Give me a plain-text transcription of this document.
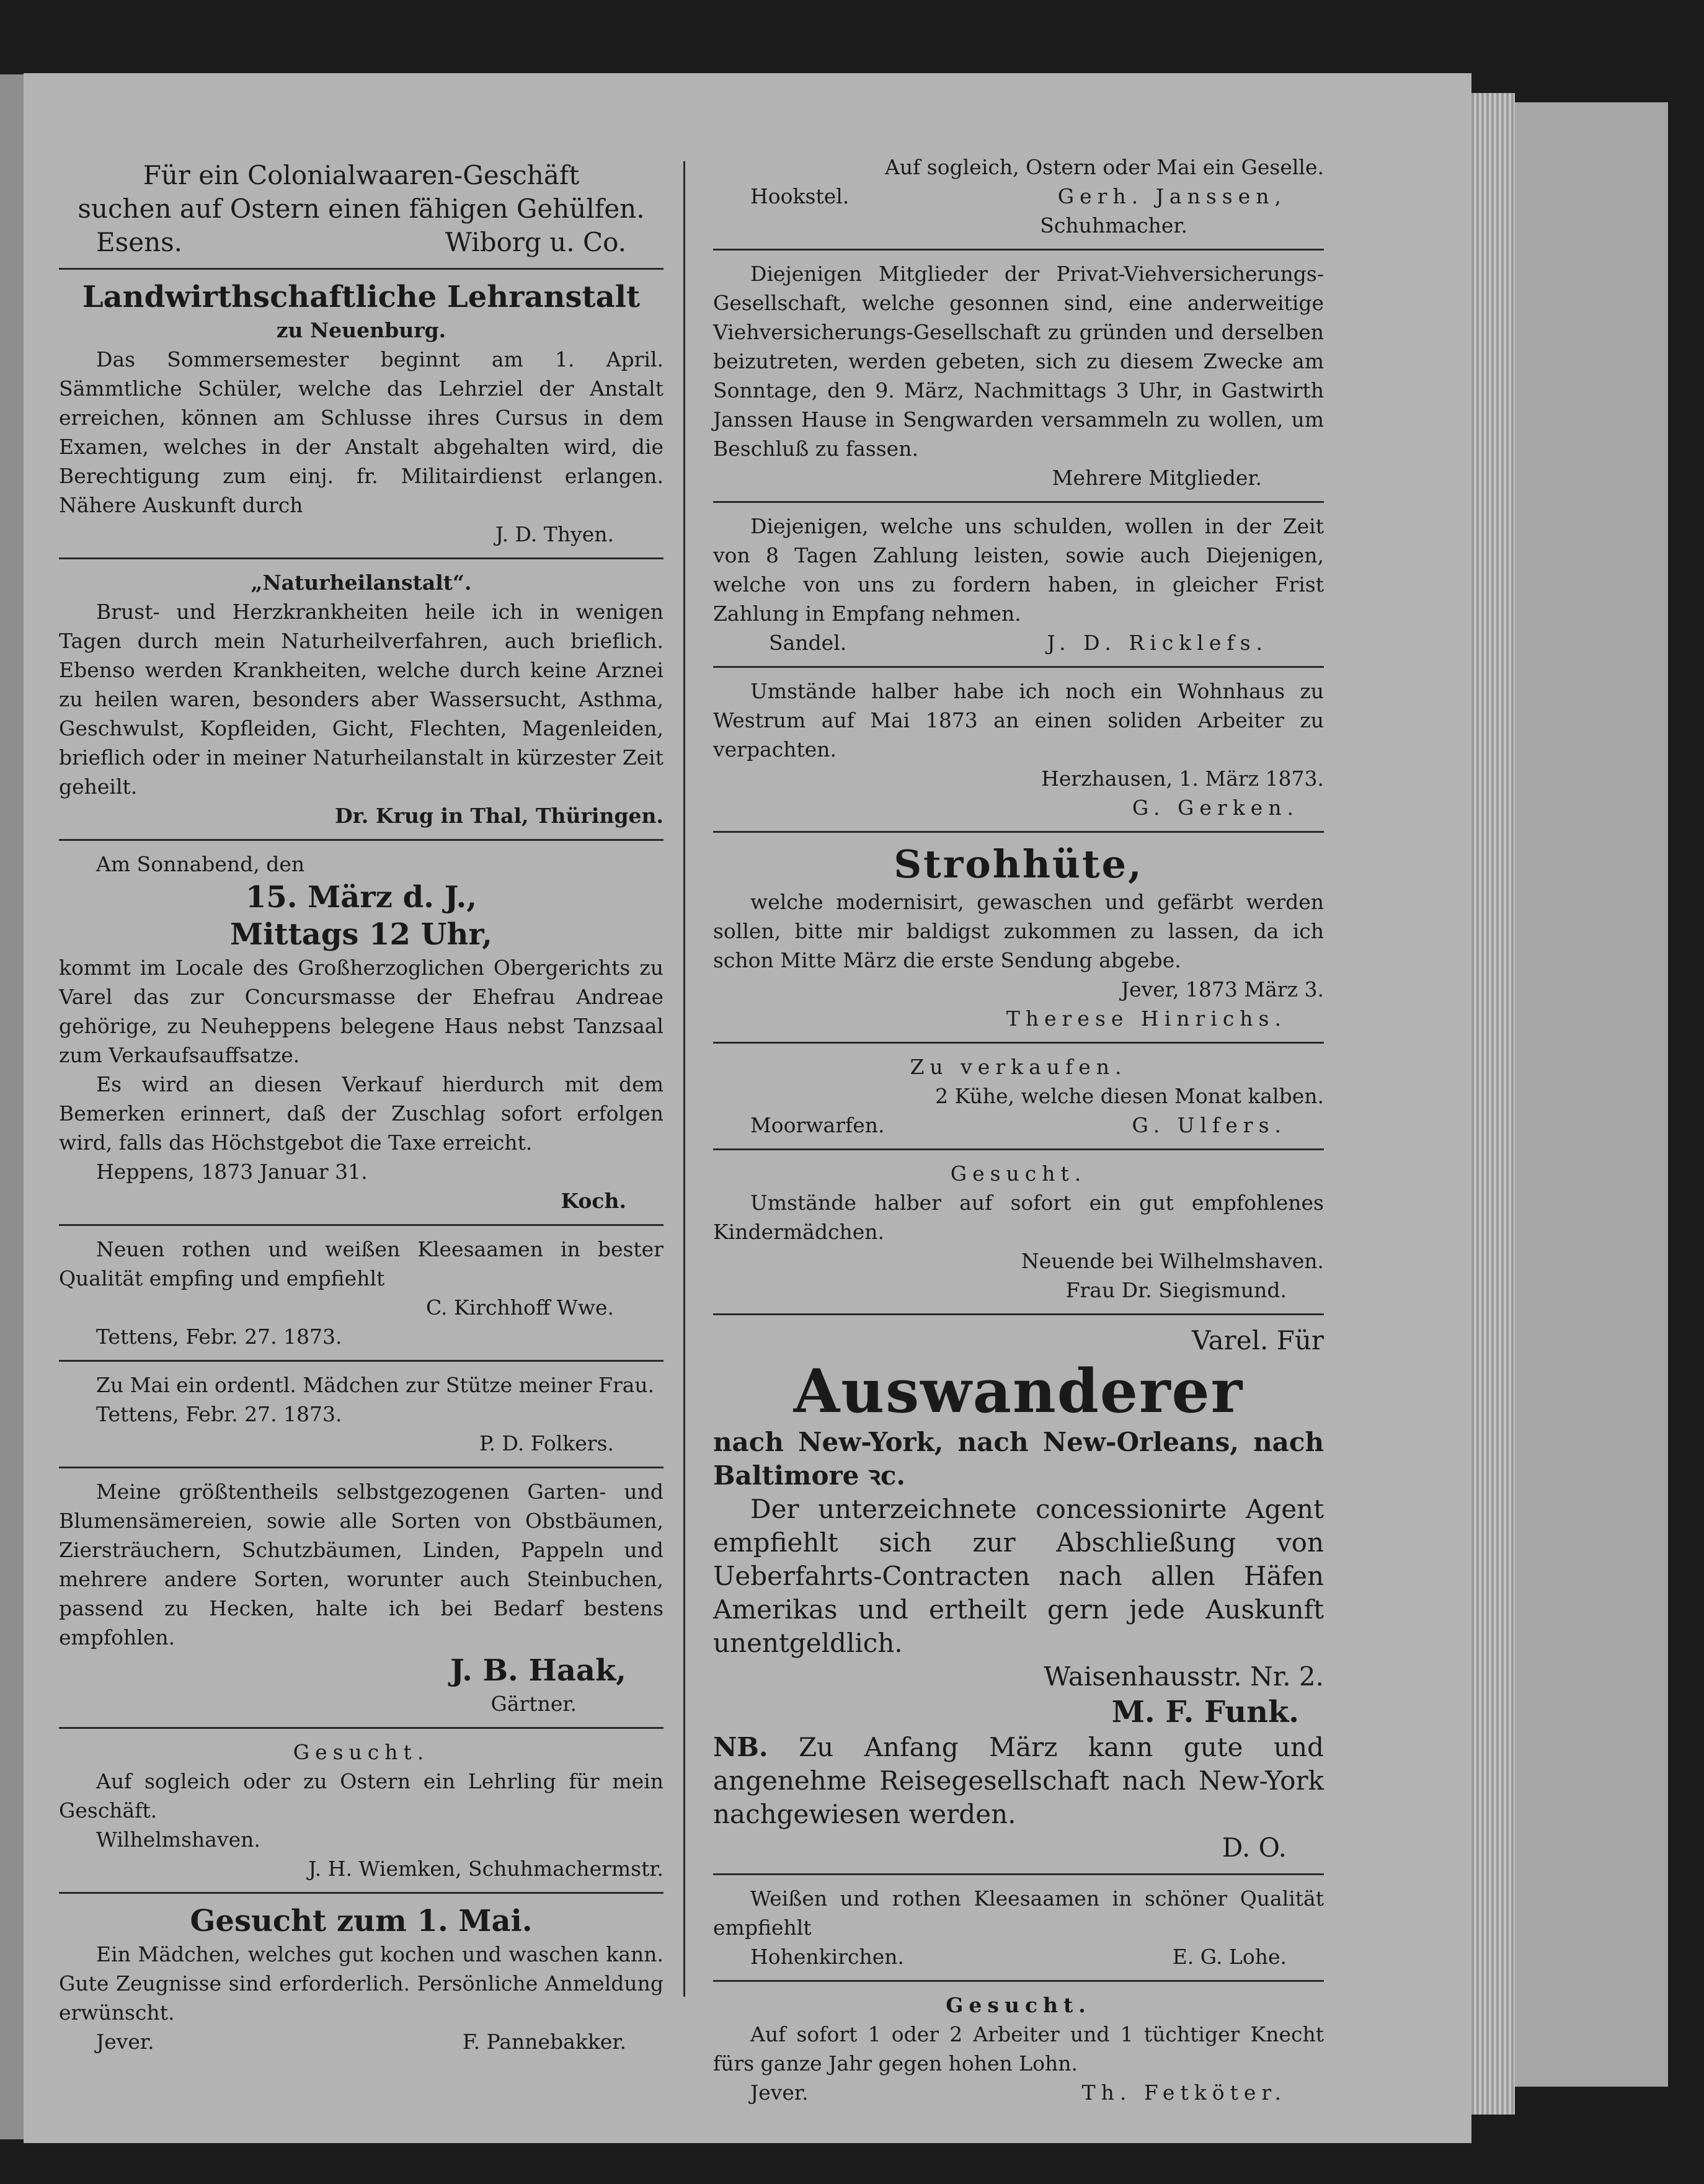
Für ein Colonialwaaren-Geschäft

suchen auf Ostern einen fähigen Gehülfen.

Esens.	Wiborg u. Co.

Landwirthschaftliche Lehranstalt

zu Neuenburg.

Das Sommersemester beginnt am 1. April. Sämmtliche Schüler, welche das Lehrziel der Anstalt erreichen, können am Schlusse ihres Cursus in dem Examen, welches in der Anstalt abgehalten wird, die Berechtigung zum einj. fr. Militairdienst erlangen. Nähere Auskunft durch

J. D. Thyen.

„Naturheilanstalt“.

Brust- und Herzkrankheiten heile ich in wenigen Tagen durch mein Naturheilverfahren, auch brieflich. Ebenso werden Krankheiten, welche durch keine Arznei zu heilen waren, besonders aber Wassersucht, Asthma, Geschwulst, Kopfleiden, Gicht, Flechten, Magenleiden, brieflich oder in meiner Naturheilanstalt in kürzester Zeit geheilt.

Dr. Krug in Thal, Thüringen.

Am Sonnabend, den

15. März d. J.,

Mittags 12 Uhr,

kommt im Locale des Großherzoglichen Obergerichts zu Varel das zur Concursmasse der Ehefrau Andreae gehörige, zu Neuheppens belegene Haus nebst Tanzsaal zum Verkaufsauffsatze.

Es wird an diesen Verkauf hierdurch mit dem Bemerken erinnert, daß der Zuschlag sofort erfolgen wird, falls das Höchstgebot die Taxe erreicht.

Heppens, 1873 Januar 31.

Koch.

Neuen rothen und weißen Kleesaamen in bester Qualität empfing und empfiehlt

C. Kirchhoff Wwe.

Tettens, Febr. 27. 1873.

Zu Mai ein ordentl. Mädchen zur Stütze meiner Frau.

Tettens, Febr. 27. 1873.

P. D. Folkers.

Meine größtentheils selbstgezogenen Garten- und Blumensämereien, sowie alle Sorten von Obstbäumen, Ziersträuchern, Schutzbäumen, Linden, Pappeln und mehrere andere Sorten, worunter auch Steinbuchen, passend zu Hecken, halte ich bei Bedarf bestens empfohlen.

J. B. Haak,

Gärtner.

Gesucht.

Auf sogleich oder zu Ostern ein Lehrling für mein Geschäft.

Wilhelmshaven.

J. H. Wiemken, Schuhmachermstr.

Gesucht zum 1. Mai.

Ein Mädchen, welches gut kochen und waschen kann. Gute Zeugnisse sind erforderlich. Persönliche Anmeldung erwünscht.

Jever.	F. Pannebakker.

Auf sogleich, Ostern oder Mai ein Geselle.

Hookstel.	Gerh. Janssen,

Schuhmacher.

Diejenigen Mitglieder der Privat-Viehversicherungs-Gesellschaft, welche gesonnen sind, eine anderweitige Viehversicherungs-Gesellschaft zu gründen und derselben beizutreten, werden gebeten, sich zu diesem Zwecke am Sonntage, den 9. März, Nachmittags 3 Uhr, in Gastwirth Janssen Hause in Sengwarden versammeln zu wollen, um Beschluß zu fassen.

Mehrere Mitglieder.

Diejenigen, welche uns schulden, wollen in der Zeit von 8 Tagen Zahlung leisten, sowie auch Diejenigen, welche von uns zu fordern haben, in gleicher Frist Zahlung in Empfang nehmen.

Sandel.	J. D. Ricklefs.

Umstände halber habe ich noch ein Wohnhaus zu Westrum auf Mai 1873 an einen soliden Arbeiter zu verpachten.

Herzhausen, 1. März 1873.

G. Gerken.

Strohhüte,

welche modernisirt, gewaschen und gefärbt werden sollen, bitte mir baldigst zukommen zu lassen, da ich schon Mitte März die erste Sendung abgebe.

Jever, 1873 März 3.

Therese Hinrichs.

Zu verkaufen.

2 Kühe, welche diesen Monat kalben.

Moorwarfen.	G. Ulfers.

Gesucht.

Umstände halber auf sofort ein gut empfohlenes Kindermädchen.

Neuende bei Wilhelmshaven.

Frau Dr. Siegismund.

Varel. Für

Auswanderer

nach New-York, nach New-Orleans, nach Baltimore ꝛc.

Der unterzeichnete concessionirte Agent empfiehlt sich zur Abschließung von Ueberfahrts-Contracten nach allen Häfen Amerikas und ertheilt gern jede Auskunft unentgeldlich.

Waisenhausstr. Nr. 2.

M. F. Funk.

NB. Zu Anfang März kann gute und angenehme Reisegesellschaft nach New-York nachgewiesen werden.

D. O.

Weißen und rothen Kleesaamen in schöner Qualität empfiehlt

Hohenkirchen.	E. G. Lohe.

Gesucht.

Auf sofort 1 oder 2 Arbeiter und 1 tüchtiger Knecht fürs ganze Jahr gegen hohen Lohn.

Jever.	Th. Fetköter.
